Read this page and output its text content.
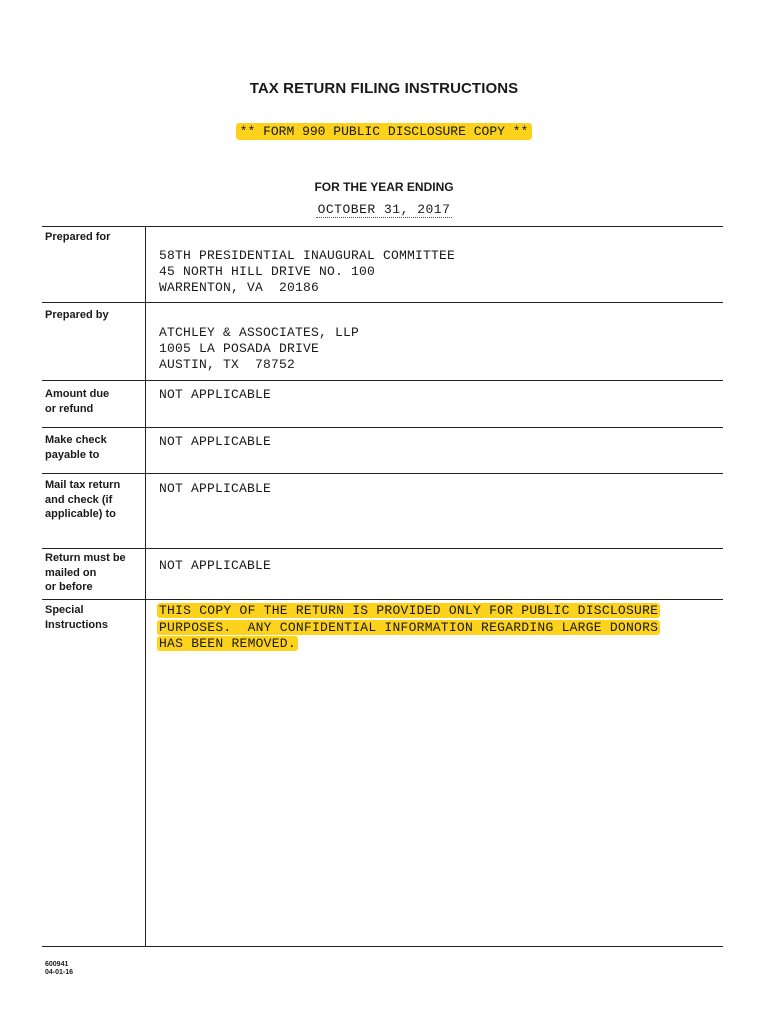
TAX RETURN FILING INSTRUCTIONS
** FORM 990 PUBLIC DISCLOSURE COPY **
FOR THE YEAR ENDING
OCTOBER 31, 2017
Prepared for
58TH PRESIDENTIAL INAUGURAL COMMITTEE
45 NORTH HILL DRIVE NO. 100
WARRENTON, VA  20186
Prepared by
ATCHLEY & ASSOCIATES, LLP
1005 LA POSADA DRIVE
AUSTIN, TX  78752
Amount due
or refund
NOT APPLICABLE
Make check
payable to
NOT APPLICABLE
Mail tax return
and check (if
applicable) to
NOT APPLICABLE
Return must be
mailed on
or before
NOT APPLICABLE
Special
Instructions
THIS COPY OF THE RETURN IS PROVIDED ONLY FOR PUBLIC DISCLOSURE
PURPOSES.  ANY CONFIDENTIAL INFORMATION REGARDING LARGE DONORS
HAS BEEN REMOVED.
600941
04-01-16
